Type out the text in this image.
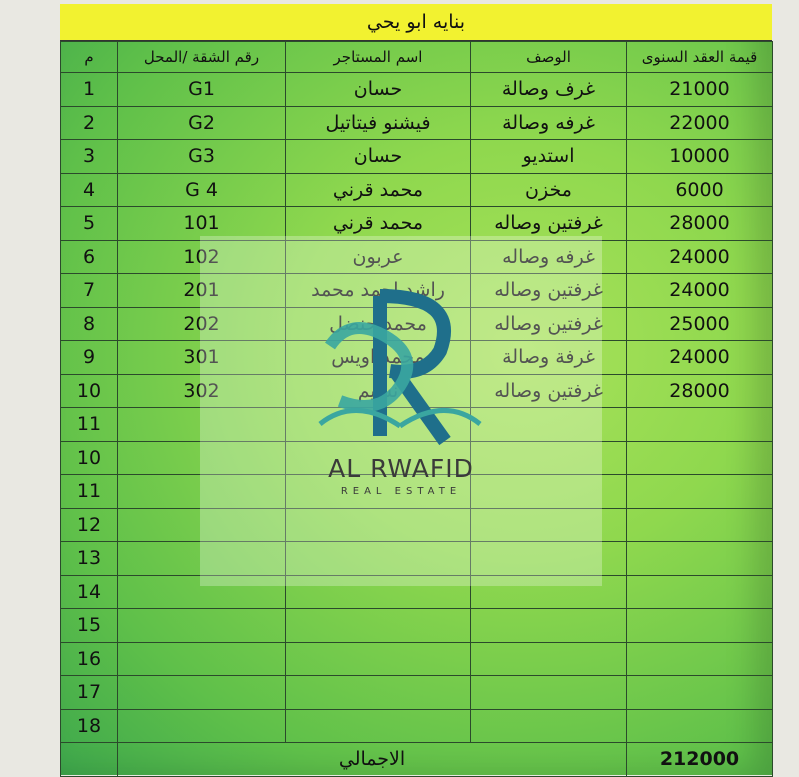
بنايه ابو يحي
قيمة العقد السنوى	الوصف	اسم المستاجر	رقم الشقة /المحل	م
21000	غرف وصالة	حسان	G1	1
22000	غرفه وصالة	فيشنو فيتاتيل	G2	2
10000	استديو	حسان	G3	3
6000	مخزن	محمد قرني	G 4	4
28000	غرفتين وصاله	محمد قرني	101	5
24000	غرفه وصاله	عربون	102	6
24000	غرفتين وصاله	راشد احمد محمد	201	7
25000	غرفتين وصاله	محمد حنضل	202	8
24000	غرفة وصالة	محمد اويس	301	9
28000	غرفتين وصاله	نسيم	302	10
				11
				10
				11
				12
				13
				14
				15
				16
				17
				18
212000	الاجمالي			
AL RWAFID
REAL ESTATE
